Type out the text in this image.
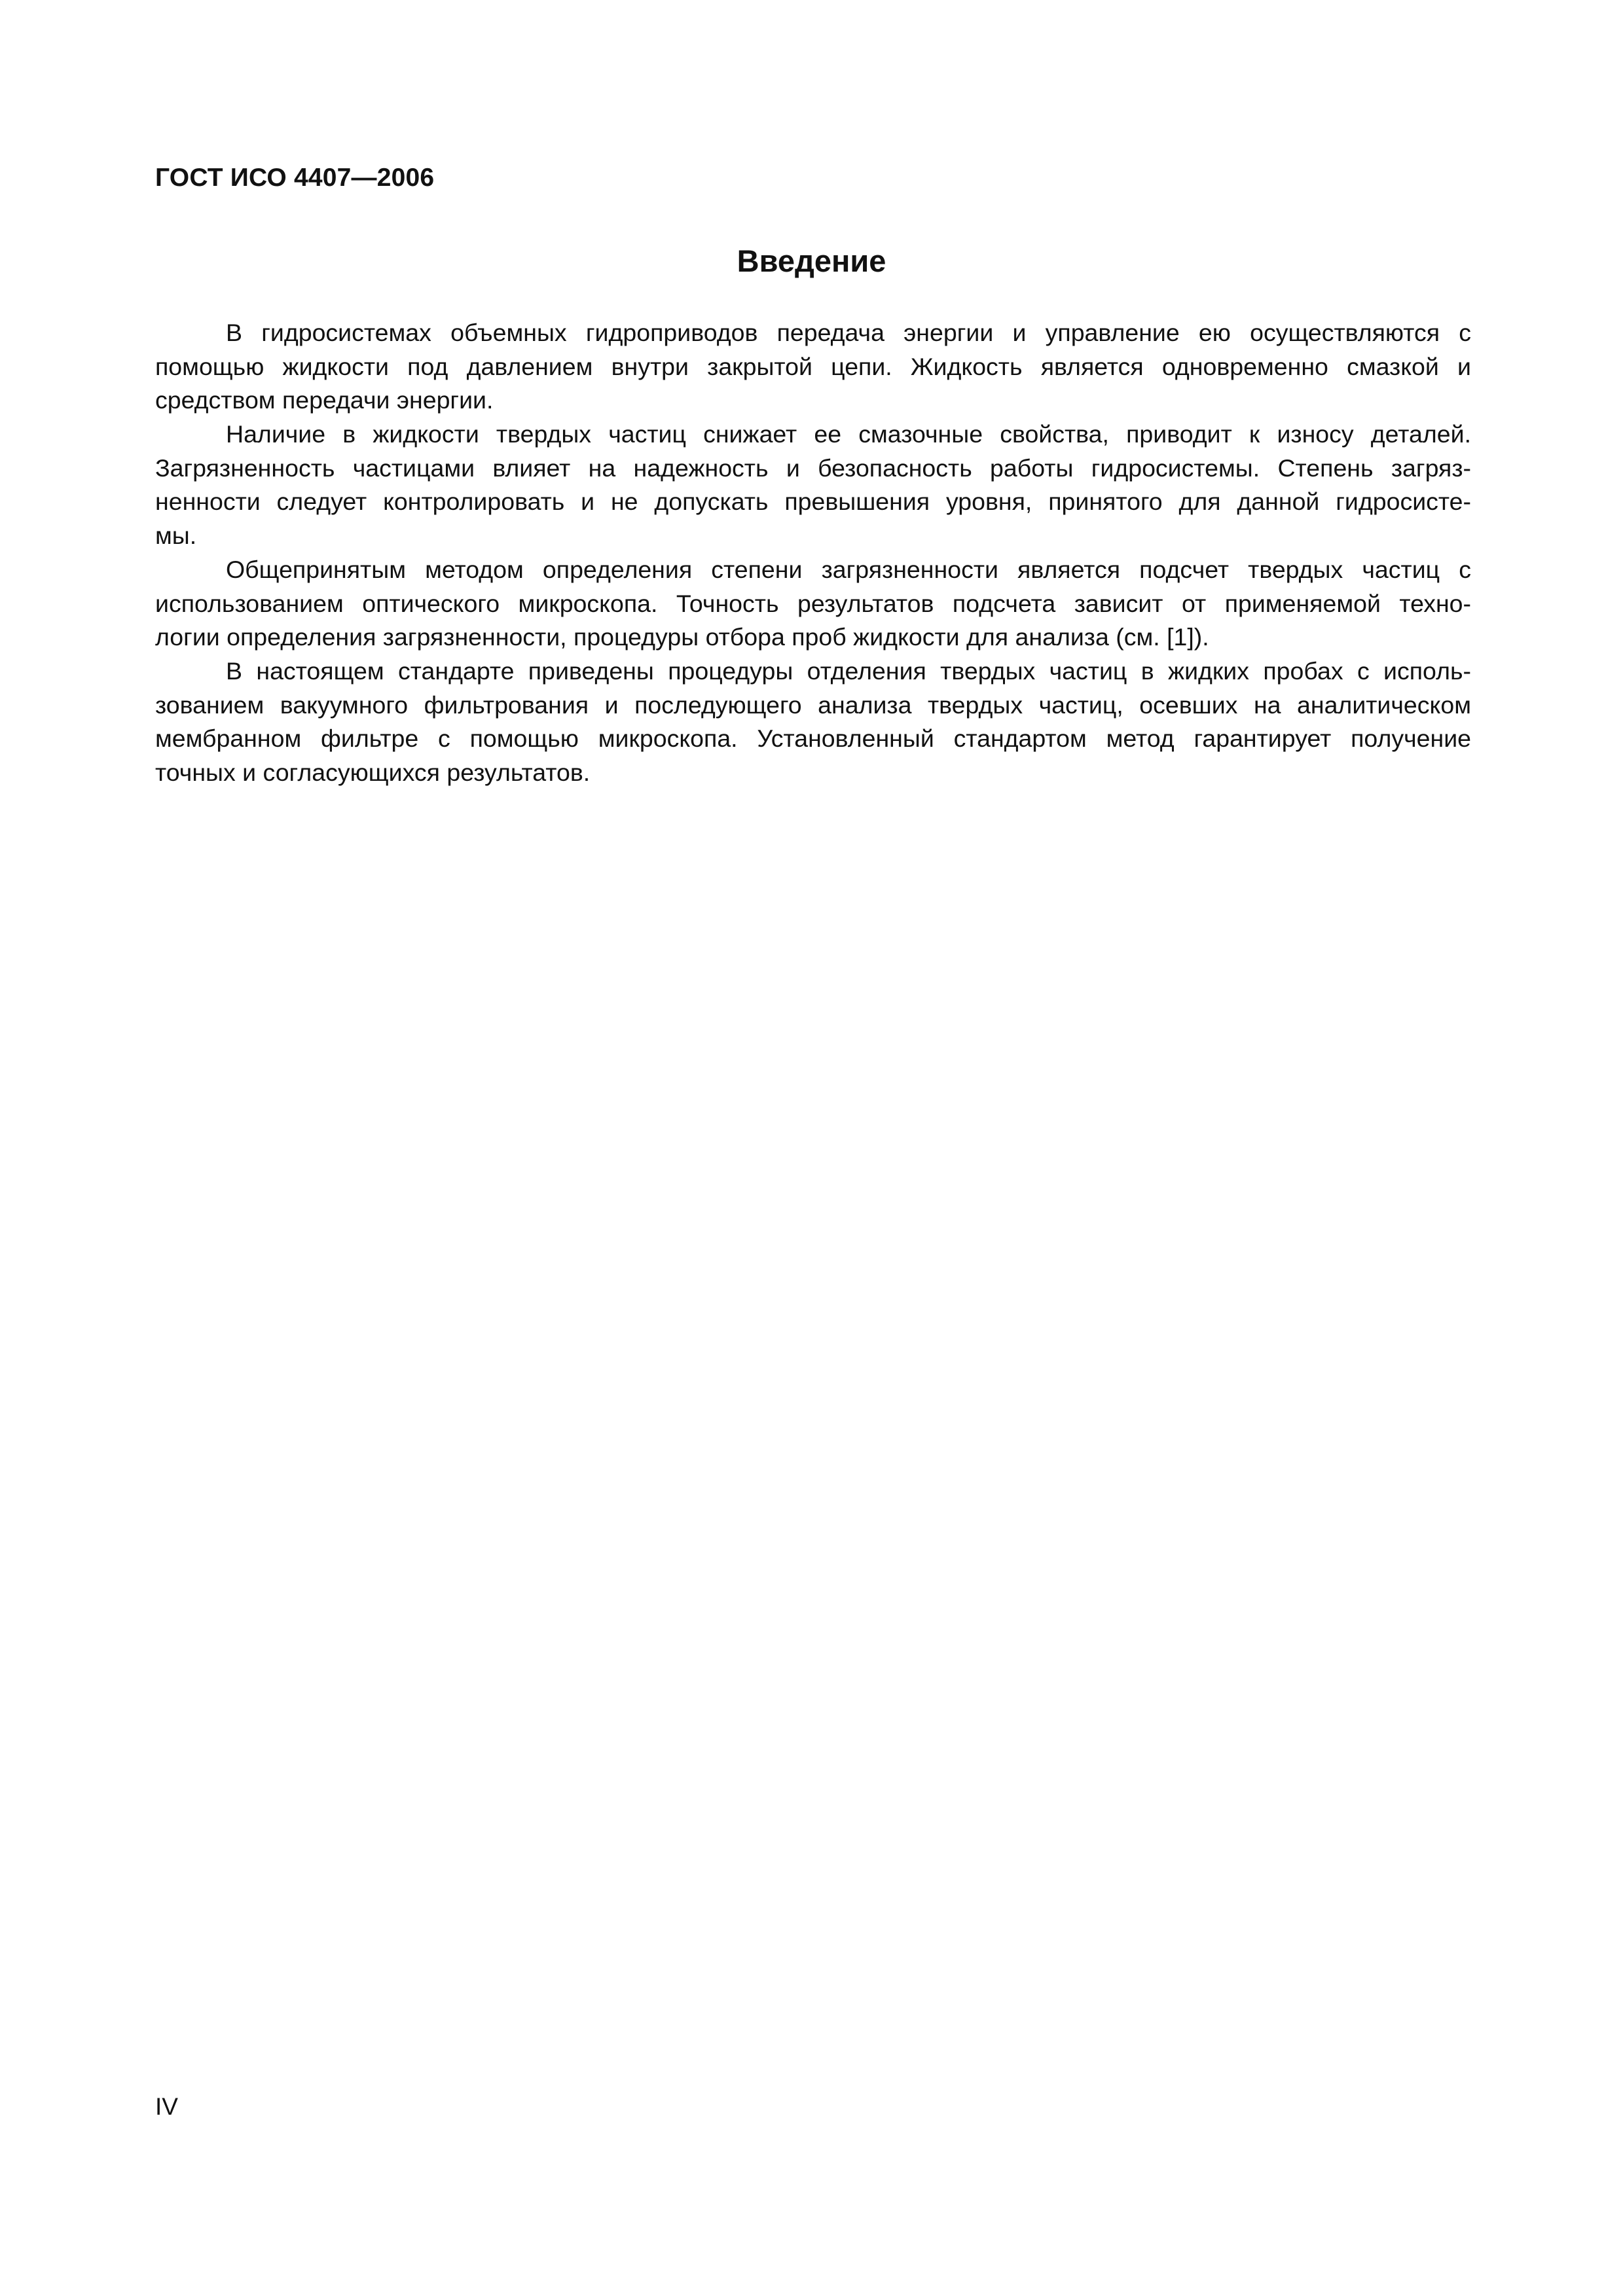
ГОСТ ИСО 4407—2006
Введение
В гидросистемах объемных гидроприводов передача энергии и управление ею осуществляются с
помощью жидкости под давлением внутри закрытой цепи. Жидкость является одновременно смазкой и
средством передачи энергии.
Наличие в жидкости твердых частиц снижает ее смазочные свойства, приводит к износу деталей.
Загрязненность частицами влияет на надежность и безопасность работы гидросистемы. Степень загряз-
ненности следует контролировать и не допускать превышения уровня, принятого для данной гидросисте-
мы.
Общепринятым методом определения степени загрязненности является подсчет твердых частиц с
использованием оптического микроскопа. Точность результатов подсчета зависит от применяемой техно-
логии определения загрязненности, процедуры отбора проб жидкости для анализа (см. [1]).
В настоящем стандарте приведены процедуры отделения твердых частиц в жидких пробах с исполь-
зованием вакуумного фильтрования и последующего анализа твердых частиц, осевших на аналитическом
мембранном фильтре с помощью микроскопа. Установленный стандартом метод гарантирует получение
точных и согласующихся результатов.
IV
